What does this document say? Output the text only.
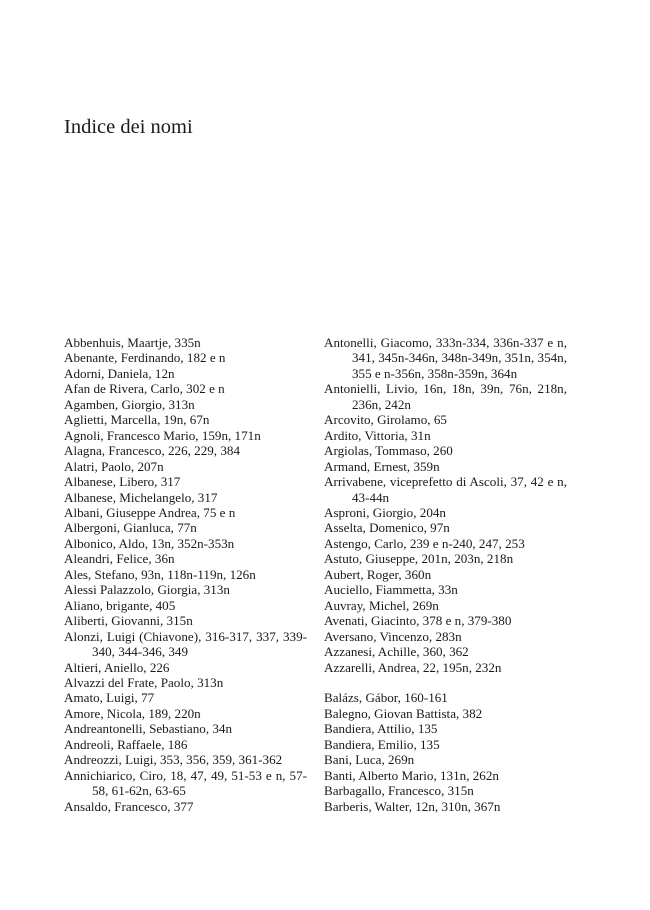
Indice dei nomi
Abbenhuis, Maartje, 335n
Abenante, Ferdinando, 182 e n
Adorni, Daniela, 12n
Afan de Rivera, Carlo, 302 e n
Agamben, Giorgio, 313n
Aglietti, Marcella, 19n, 67n
Agnoli, Francesco Mario, 159n, 171n
Alagna, Francesco, 226, 229, 384
Alatri, Paolo, 207n
Albanese, Libero, 317
Albanese, Michelangelo, 317
Albani, Giuseppe Andrea, 75 e n
Albergoni, Gianluca, 77n
Albonico, Aldo, 13n, 352n-353n
Aleandri, Felice, 36n
Ales, Stefano, 93n, 118n-119n, 126n
Alessi Palazzolo, Giorgia, 313n
Aliano, brigante, 405
Aliberti, Giovanni, 315n
Alonzi, Luigi (Chiavone), 316-317, 337, 339-340, 344-346, 349
Altieri, Aniello, 226
Alvazzi del Frate, Paolo, 313n
Amato, Luigi, 77
Amore, Nicola, 189, 220n
Andreantonelli, Sebastiano, 34n
Andreoli, Raffaele, 186
Andreozzi, Luigi, 353, 356, 359, 361-362
Annichiarico, Ciro, 18, 47, 49, 51-53 e n, 57-58, 61-62n, 63-65
Ansaldo, Francesco, 377
Antonelli, Giacomo, 333n-334, 336n-337 e n, 341, 345n-346n, 348n-349n, 351n, 354n, 355 e n-356n, 358n-359n, 364n
Antonielli, Livio, 16n, 18n, 39n, 76n, 218n, 236n, 242n
Arcovito, Girolamo, 65
Ardito, Vittoria, 31n
Argiolas, Tommaso, 260
Armand, Ernest, 359n
Arrivabene, viceprefetto di Ascoli, 37, 42 e n, 43-44n
Asproni, Giorgio, 204n
Asselta, Domenico, 97n
Astengo, Carlo, 239 e n-240, 247, 253
Astuto, Giuseppe, 201n, 203n, 218n
Aubert, Roger, 360n
Auciello, Fiammetta, 33n
Auvray, Michel, 269n
Avenati, Giacinto, 378 e n, 379-380
Aversano, Vincenzo, 283n
Azzanesi, Achille, 360, 362
Azzarelli, Andrea, 22, 195n, 232n
Balázs, Gábor, 160-161
Balegno, Giovan Battista, 382
Bandiera, Attilio, 135
Bandiera, Emilio, 135
Bani, Luca, 269n
Banti, Alberto Mario, 131n, 262n
Barbagallo, Francesco, 315n
Barberis, Walter, 12n, 310n, 367n
